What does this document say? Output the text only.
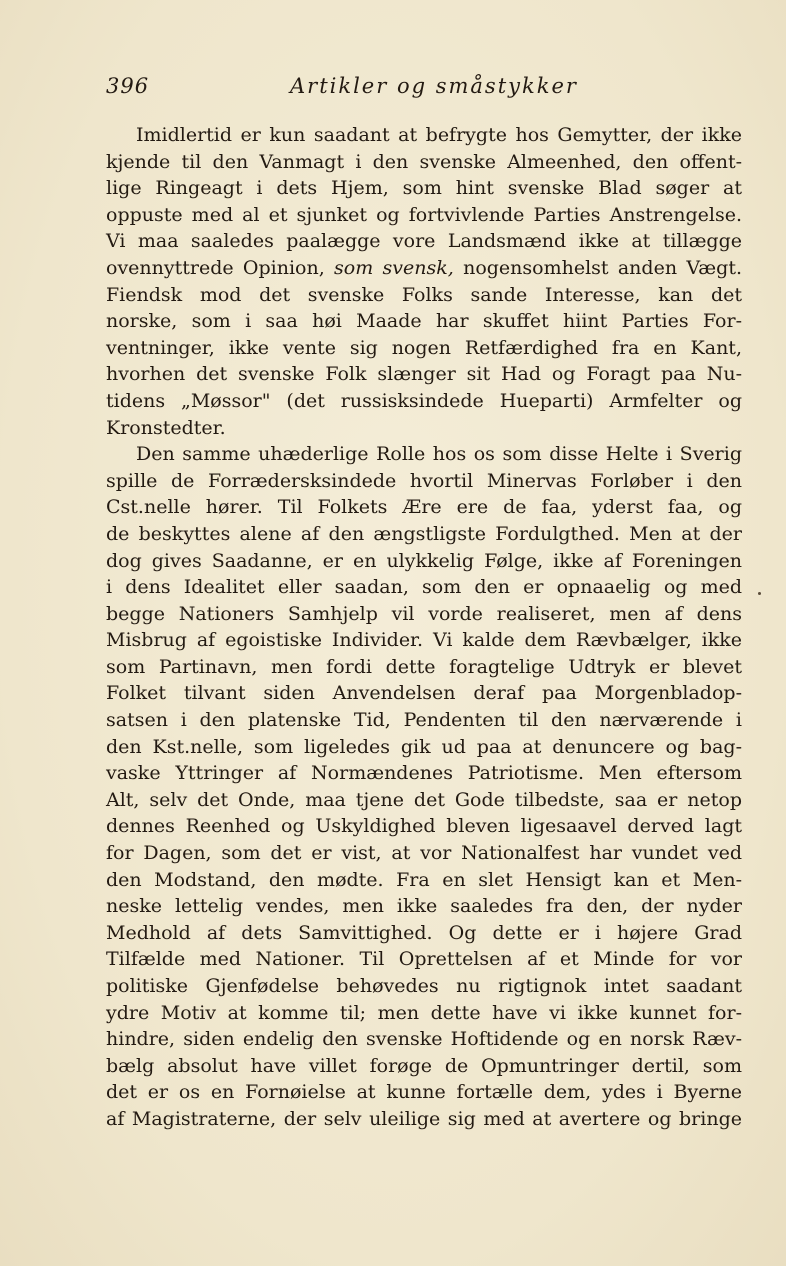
396	Artikler og småstykker
Imidlertid er kun saadant at befrygte hos Gemytter, der ikke
kjende til den Vanmagt i den svenske Almeenhed, den offent-
lige Ringeagt i dets Hjem, som hint svenske Blad søger at
oppuste med al et sjunket og fortvivlende Parties Anstrengelse.
Vi maa saaledes paalægge vore Landsmænd ikke at tillægge
ovennyttrede Opinion, som svensk, nogensomhelst anden Vægt.
Fiendsk mod det svenske Folks sande Interesse, kan det
norske, som i saa høi Maade har skuffet hiint Parties For-
ventninger, ikke vente sig nogen Retfærdighed fra en Kant,
hvorhen det svenske Folk slænger sit Had og Foragt paa Nu-
tidens „Møssor" (det russisksindede Hueparti) Armfelter og
Kronstedter.
Den samme uhæderlige Rolle hos os som disse Helte i Sverig
spille de Forrædersksindede hvortil Minervas Forløber i den
Cst.nelle hører. Til Folkets Ære ere de faa, yderst faa, og
de beskyttes alene af den ængstligste Fordulgthed. Men at der
dog gives Saadanne, er en ulykkelig Følge, ikke af Foreningen
i dens Idealitet eller saadan, som den er opnaaelig og med
begge Nationers Samhjelp vil vorde realiseret, men af dens
Misbrug af egoistiske Individer. Vi kalde dem Rævbælger, ikke
som Partinavn, men fordi dette foragtelige Udtryk er blevet
Folket tilvant siden Anvendelsen deraf paa Morgenbladop-
satsen i den platenske Tid, Pendenten til den nærværende i
den Kst.nelle, som ligeledes gik ud paa at denuncere og bag-
vaske Yttringer af Normændenes Patriotisme. Men eftersom
Alt, selv det Onde, maa tjene det Gode tilbedste, saa er netop
dennes Reenhed og Uskyldighed bleven ligesaavel derved lagt
for Dagen, som det er vist, at vor Nationalfest har vundet ved
den Modstand, den mødte. Fra en slet Hensigt kan et Men-
neske lettelig vendes, men ikke saaledes fra den, der nyder
Medhold af dets Samvittighed. Og dette er i højere Grad
Tilfælde med Nationer. Til Oprettelsen af et Minde for vor
politiske Gjenfødelse behøvedes nu rigtignok intet saadant
ydre Motiv at komme til; men dette have vi ikke kunnet for-
hindre, siden endelig den svenske Hoftidende og en norsk Ræv-
bælg absolut have villet forøge de Opmuntringer dertil, som
det er os en Fornøielse at kunne fortælle dem, ydes i Byerne
af Magistraterne, der selv uleilige sig med at avertere og bringe
